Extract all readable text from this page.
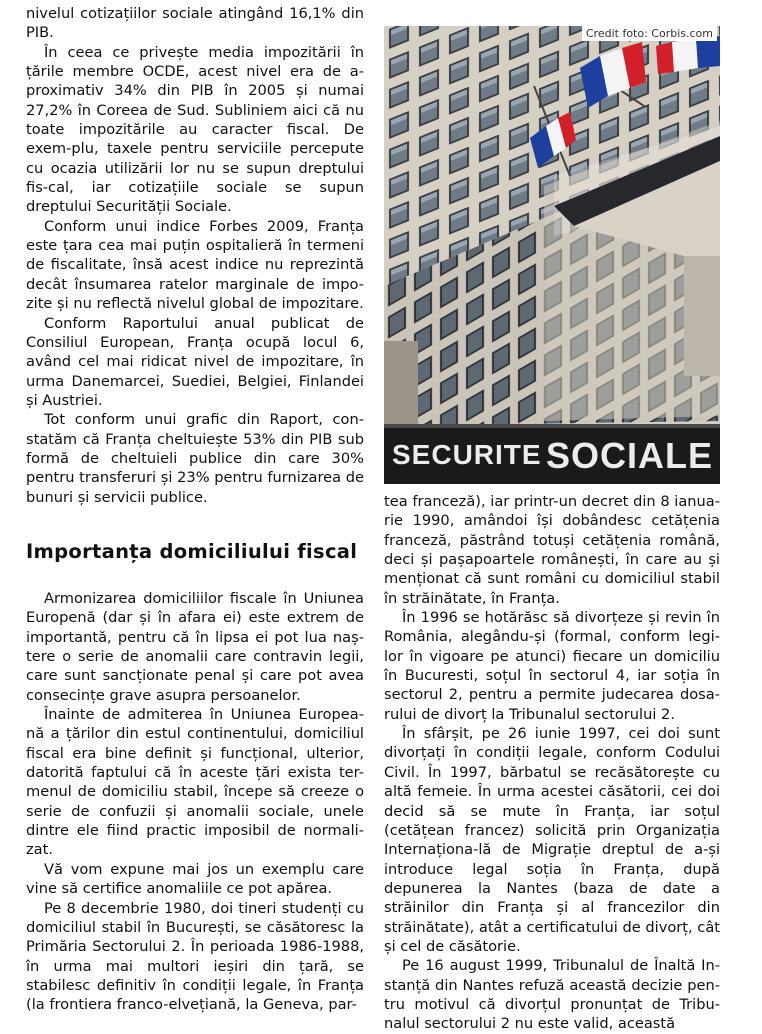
nivelul cotizațiilor sociale atingând 16,1% din PIB.

În ceea ce privește media impozitării în țările membre OCDE, acest nivel era de a-proximativ 34% din PIB în 2005 și numai 27,2% în Coreea de Sud. Subliniem aici că nu toate impozitările au caracter fiscal. De exem-plu, taxele pentru serviciile percepute cu ocazia utilizării lor nu se supun dreptului fis-cal, iar cotizațiile sociale se supun dreptului Securității Sociale.

Conform unui indice Forbes 2009, Franța este țara cea mai puțin ospitalieră în termeni de fiscalitate, însă acest indice nu reprezintă decât însumarea ratelor marginale de impo-zite și nu reflectă nivelul global de impozitare.

Conform Raportului anual publicat de Consiliul European, Franța ocupă locul 6, având cel mai ridicat nivel de impozitare, în urma Danemarcei, Suediei, Belgiei, Finlandei și Austriei.

Tot conform unui grafic din Raport, con-statăm că Franța cheltuiește 53% din PIB sub formă de cheltuieli publice din care 30% pentru transferuri și 23% pentru furnizarea de bunuri și servicii publice.

Importanța domiciliului fiscal

Armonizarea domiciliilor fiscale în Uniunea Europenă (dar și în afara ei) este extrem de importantă, pentru că în lipsa ei pot lua naș-tere o serie de anomalii care contravin legii, care sunt sancționate penal și care pot avea consecințe grave asupra persoanelor.

Înainte de admiterea în Uniunea Europea-nă a țărilor din estul continentului, domiciliul fiscal era bine definit și funcțional, ulterior, datorită faptului că în aceste țări exista ter-menul de domiciliu stabil, începe să creeze o serie de confuzii și anomalii sociale, unele dintre ele fiind practic imposibil de normali-zat.

Vă vom expune mai jos un exemplu care vine să certifice anomaliile ce pot apărea.

Pe 8 decembrie 1980, doi tineri studenți cu domiciliul stabil în București, se căsătoresc la Primăria Sectorului 2. În perioada 1986-1988, în urma mai multori ieșiri din țară, se stabilesc definitiv în condiții legale, în Franța (la frontiera franco-elvețiană, la Geneva, par-

SECURITE SOCIALE
Credit foto: Corbis.com

tea franceză), iar printr-un decret din 8 ianua-rie 1990, amândoi își dobândesc cetățenia franceză, păstrând totuși cetățenia română, deci și pașapoartele românești, în care au și menționat că sunt români cu domiciliul stabil în străinătate, în Franța.

În 1996 se hotărăsc să divorțeze și revin în România, alegându-și (formal, conform legi-lor în vigoare pe atunci) fiecare un domiciliu în Bucuresti, soțul în sectorul 4, iar soția în sectorul 2, pentru a permite judecarea dosa-rului de divorț la Tribunalul sectorului 2.

În sfârșit, pe 26 iunie 1997, cei doi sunt divorțați în condiții legale, conform Codului Civil. În 1997, bărbatul se recăsătorește cu altă femeie. În urma acestei căsătorii, cei doi decid să se mute în Franța, iar soțul (cetățean francez) solicită prin Organizația Internaționa-lă de Migrație dreptul de a-și introduce legal soția în Franța, după depunerea la Nantes (baza de date a străinilor din Franța și al francezilor din străinătate), atât a certificatului de divorț, cât și cel de căsătorie.

Pe 16 august 1999, Tribunalul de Înaltă In-stanță din Nantes refuză această decizie pen-tru motivul că divorțul pronunțat de Tribu-nalul sectorului 2 nu este valid, această
